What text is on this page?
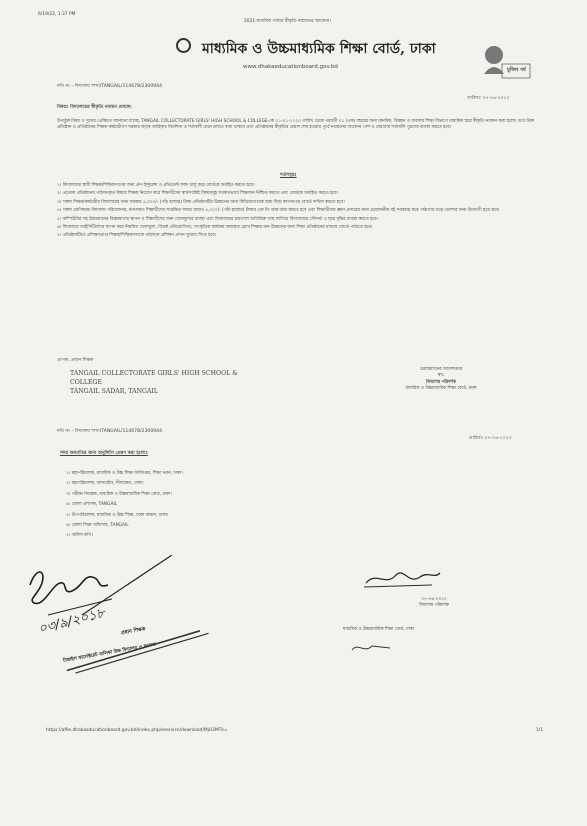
6/19/22, 1:37 PM
2021-মাধ্যমিক পর্যায়ে স্বীকৃতি নবায়নের আবেদন।
মাধ্যমিক ও উচ্চমাধ্যমিক শিক্ষা বোর্ড, ঢাকা
www.dhakaeducationboard.gov.bd	মুজিব বর্ষ
নথি নং - বিদ্যালয় শাখা/TANGAIL/114678/2300944
তারিখঃ ০৭-০৬-২০২০
বিষয়ঃ বিদ্যালয়ের স্বীকৃতি নবায়ন প্রসঙ্গে।
উপর্যুক্ত বিষয় ও সূত্রের প্রেক্ষিতে জানানো যাচ্ছে, TANGAIL COLLECTORATE GIRLS' HIGH SCHOOL & COLLEGE-কে ০১-০১-২০২০ তারিখ থেকে পরবর্তী ০১ (এক) বছরের জন্য মানবিক, বিজ্ঞান ও ব্যবসায় শিক্ষা বিভাগে মাধ্যমিক স্তরে স্বীকৃতি নবায়ন করা হলো। তবে উক্ত প্রতিষ্ঠান ও প্রতিষ্ঠানের শিক্ষক-কর্মচারীগণ সরকার কর্তৃক জারিকৃত নির্দেশনা ও শর্তাবলী মেনে চলতে বাধ্য থাকবে এবং প্রতিষ্ঠানের স্বীকৃতির মেয়াদ শেষ হওয়ার পূর্বে নবায়নের আবেদন পেশ ও মেয়াদের শর্তাবলি পূরণের ব্যবস্থা করতে হবে।
শর্তসমূহঃ
১। বিদ্যালয়ের স্থায়ী শিক্ষক/শিক্ষিকাগণের জন্য গ্রুপ ইন্সুরেন্স ও প্রভিডেন্ট ফান্ড চালু করে বোর্ডকে অবহিত করতে হবে।
২। প্রত্যেক প্রতিষ্ঠানের পাঠদানকৃত বিষয়ে শিক্ষক নিয়োগ করে শিক্ষার্থীদের স্বার্থসংশ্লিষ্ট বিষয়সমূহ যথাযথভাবে শিক্ষাদান নিশ্চিত করতে এবং বোর্ডকে অবহিত করতে হবে।
৩। সকল শিক্ষক/কর্মচারীর বিদ্যালয়ের জন্য সরকার ৫,০০০/- (পাঁচ হাজার) টাকা প্রতিষ্ঠানটির উন্নয়নের জন্য বিধিমোতাবেক জমা দিয়ে কাগজপত্র বোর্ডে দাখিল করতে হবে।
৪। সকল শ্রেণিকক্ষে বিদ্যালয় পরিচালনার, মানসম্মত শিক্ষার্থীদের সংরক্ষিত ফান্ডে আরও ৫,০০০/- (পাঁচ হাজার) টাকার এফ ডি আর জমা করতে হবে এবং শিক্ষার্থীদের জ্ঞান প্রসারের জন্য প্রয়োজনীয় বই সরবরাহ করে পাঠাগার গড়ে তোলার জন্য উদ্যোগী হতে হবে।
৫। কম্পিউটার সহ উন্নতমানের বিজ্ঞানাগার স্থাপন ও শিক্ষার্থীদের জন্য খেলাধুলার ব্যবস্থা এবং বিদ্যালয়ের চারপাশে অতিরিক্ত গাছ লাগিয়ে বিদ্যালয়ের সৌন্দর্য্য ও ছাত্র বৃদ্ধির ব্যবস্থা করতে হবে।
৬। বিদ্যালয়ে আইসিটি/ল্যাব স্থাপন করে নিয়মিত খেলাধুলা, বিতর্ক প্রতিযোগিতা, সাংস্কৃতিক কার্যক্রম অব্যাহত রেখে শিক্ষার মান উন্নয়নের জন্য শিক্ষা প্রতিষ্ঠানের মাধ্যমে বোর্ডে পাঠাতে হবে।
৭। প্রতিষ্ঠানটিতে প্রশিক্ষণপ্রাপ্ত শিক্ষক/শিক্ষিকাগণকে পাঠদানে প্রশিক্ষণ প্রদান সুযোগ দিতে হবে।
প্রাপক, প্রধান শিক্ষক
TANGAIL COLLECTORATE GIRLS' HIGH SCHOOL &
COLLEGE
TANGAIL SADAR, TANGAIL
চেয়ারম্যানের আদেশক্রমে
স্বাঃ
বিদ্যালয় পরিদর্শক
মাধ্যমিক ও উচ্চমাধ্যমিক শিক্ষা বোর্ড, ঢাকা
নথি নং - বিদ্যালয় শাখা/TANGAIL/114678/2300944
তারিখঃ ০৭-০৬-২০২০
সদয় অবগতির জন্য অনুলিপি প্রেরণ করা হলোঃ
১। মহাপরিচালক, মাধ্যমিক ও উচ্চ শিক্ষা অধিদপ্তর, শিক্ষা ভবন, ঢাকা।
২। মহাপরিচালক, ব্যানবেইস, নীলক্ষেত, ঢাকা।
৩। পরীক্ষা নিয়ন্ত্রক, মাধ্যমিক ও উচ্চমাধ্যমিক শিক্ষা বোর্ড, ঢাকা।
৪। জেলা প্রশাসক, TANGAIL
৫। উপপরিচালক, মাধ্যমিক ও উচ্চ শিক্ষা, ঢাকা অঞ্চল, ঢাকা।
৬। জেলা শিক্ষা অফিসার, TANGAIL
৭। অফিস কপি।
০৩/৯/২০১৮	প্রধান শিক্ষক
টাঙ্গাইল কালেক্টরেট বালিকা উচ্চ বিদ্যালয় ও কলেজ
০৭-০৬-২০২০
বিদ্যালয় পরিদর্শক
মাধ্যমিক ও উচ্চমাধ্যমিক শিক্ষা বোর্ড, ঢাকা
https://afile.dhakaeducationboard.gov.bd/index.php/eservice/download/MjU3MTk=	1/1
